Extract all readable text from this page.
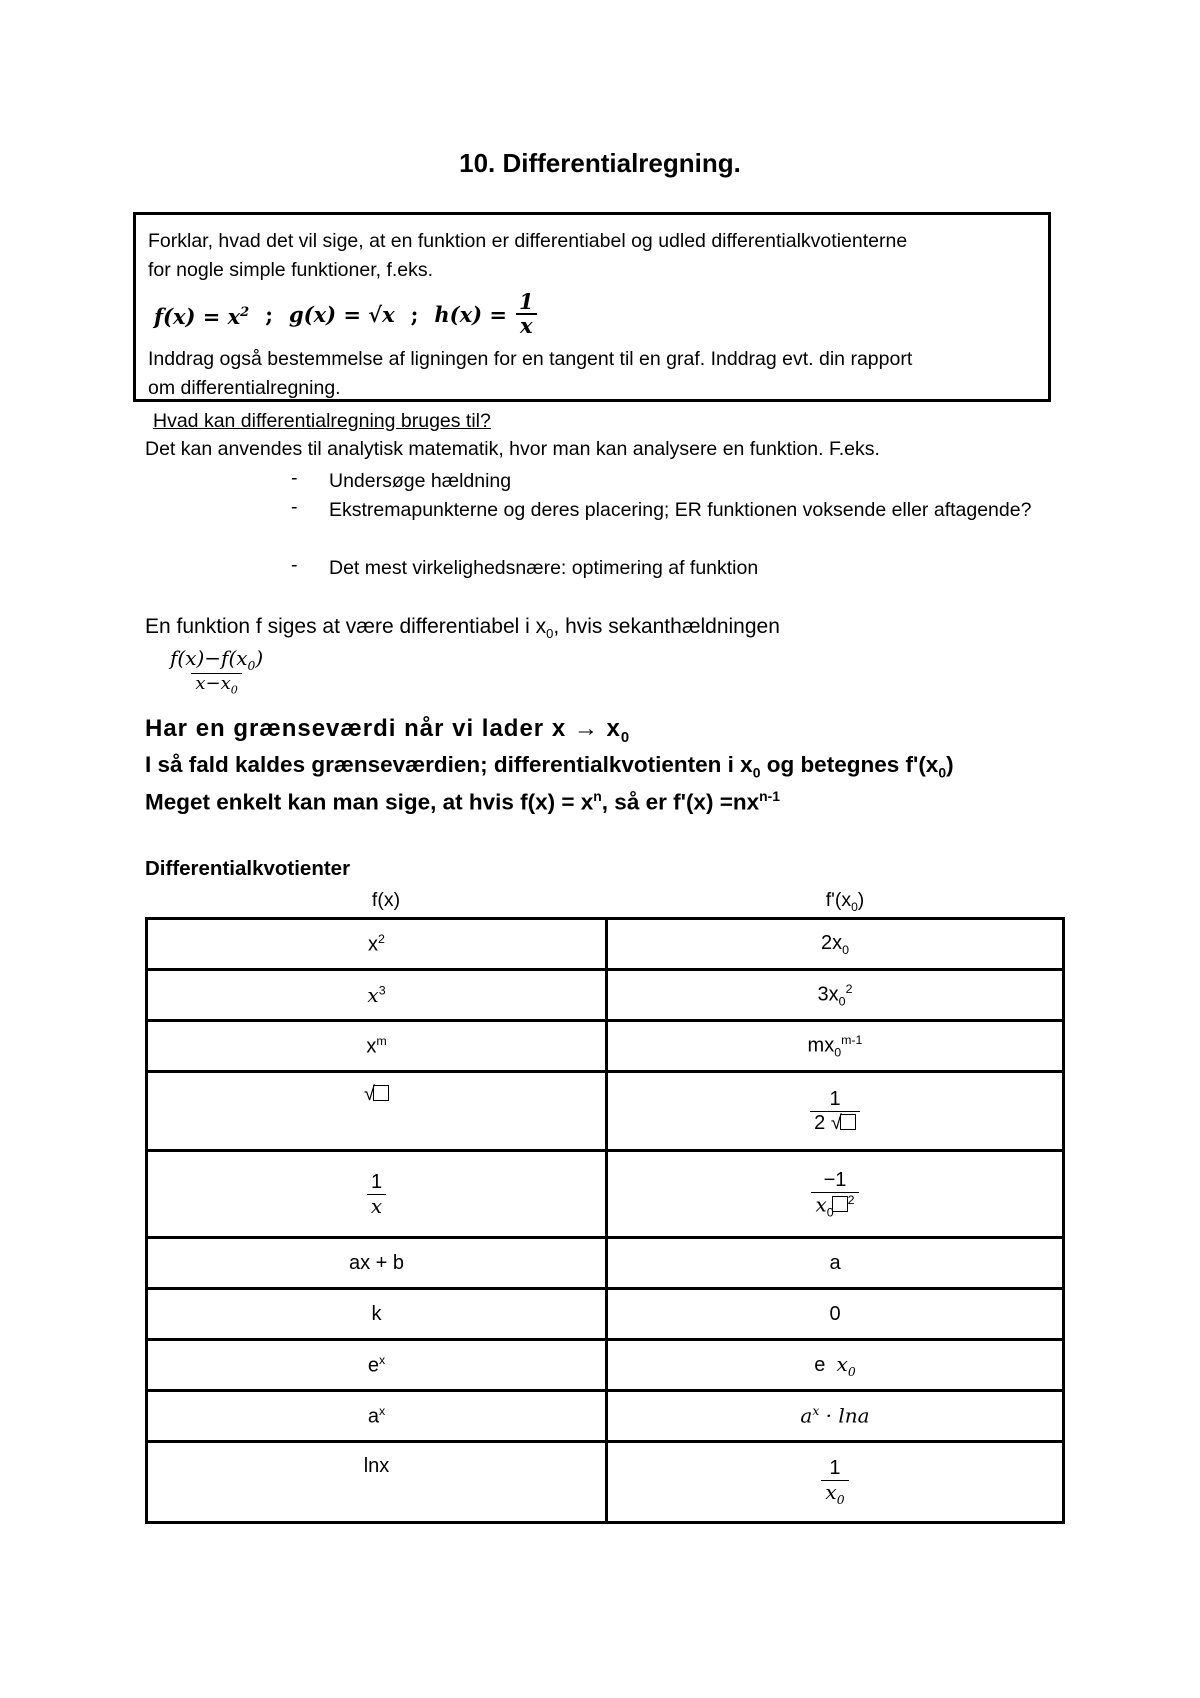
10. Differentialregning.

Forklar, hvad det vil sige, at en funktion er differentiabel og udled differentialkvotienterne

for nogle simple funktioner, f.eks.

$f(x) = x^2$ ; g(x) = √x ; $h(x) = \frac{1}{x}$

Inddrag også bestemmelse af ligningen for en tangent til en graf. Inddrag evt. din rapport

om differentialregning.

Hvad kan differentialregning bruges til?
Det kan anvendes til analytisk matematik, hvor man kan analysere en funktion. F.eks.
- Undersøge hældning
- Ekstremapunkterne og deres placering; ER funktionen voksende eller aftagende?
- Det mest virkelighedsnære: optimering af funktion
En funktion f siges at være differentiabel i $x_0$, hvis sekanthældningen
$\frac{f(x)-f(x_0)}{x-x_0}$
Har en grænseværdi når vi lader $x \to x_0$
I så fald kaldes grænseværdien; differentialkvotienten i $x_0$ og betegnes $f'(x_0)$
Meget enkelt kan man sige, at hvis $f(x) = x^n$, så er $f'(x) =nx^{n-1}$
Differentialkvotienter
f(x)	$f'(x_0)$
$x^2$	$2x_0$
$x^3$	$3x_0^2$
$x^m$	$mx_0^{m-1}$
√	$\frac{1}{2 √}$

$\frac{1}{x}$	$\frac{-1}{x_0^2}$

ax + b	a
k	0
$e^x$	e $x_0$
$a^x$	$a^x \cdot \ln a$
lnx	$\frac{1}{x_0}$
